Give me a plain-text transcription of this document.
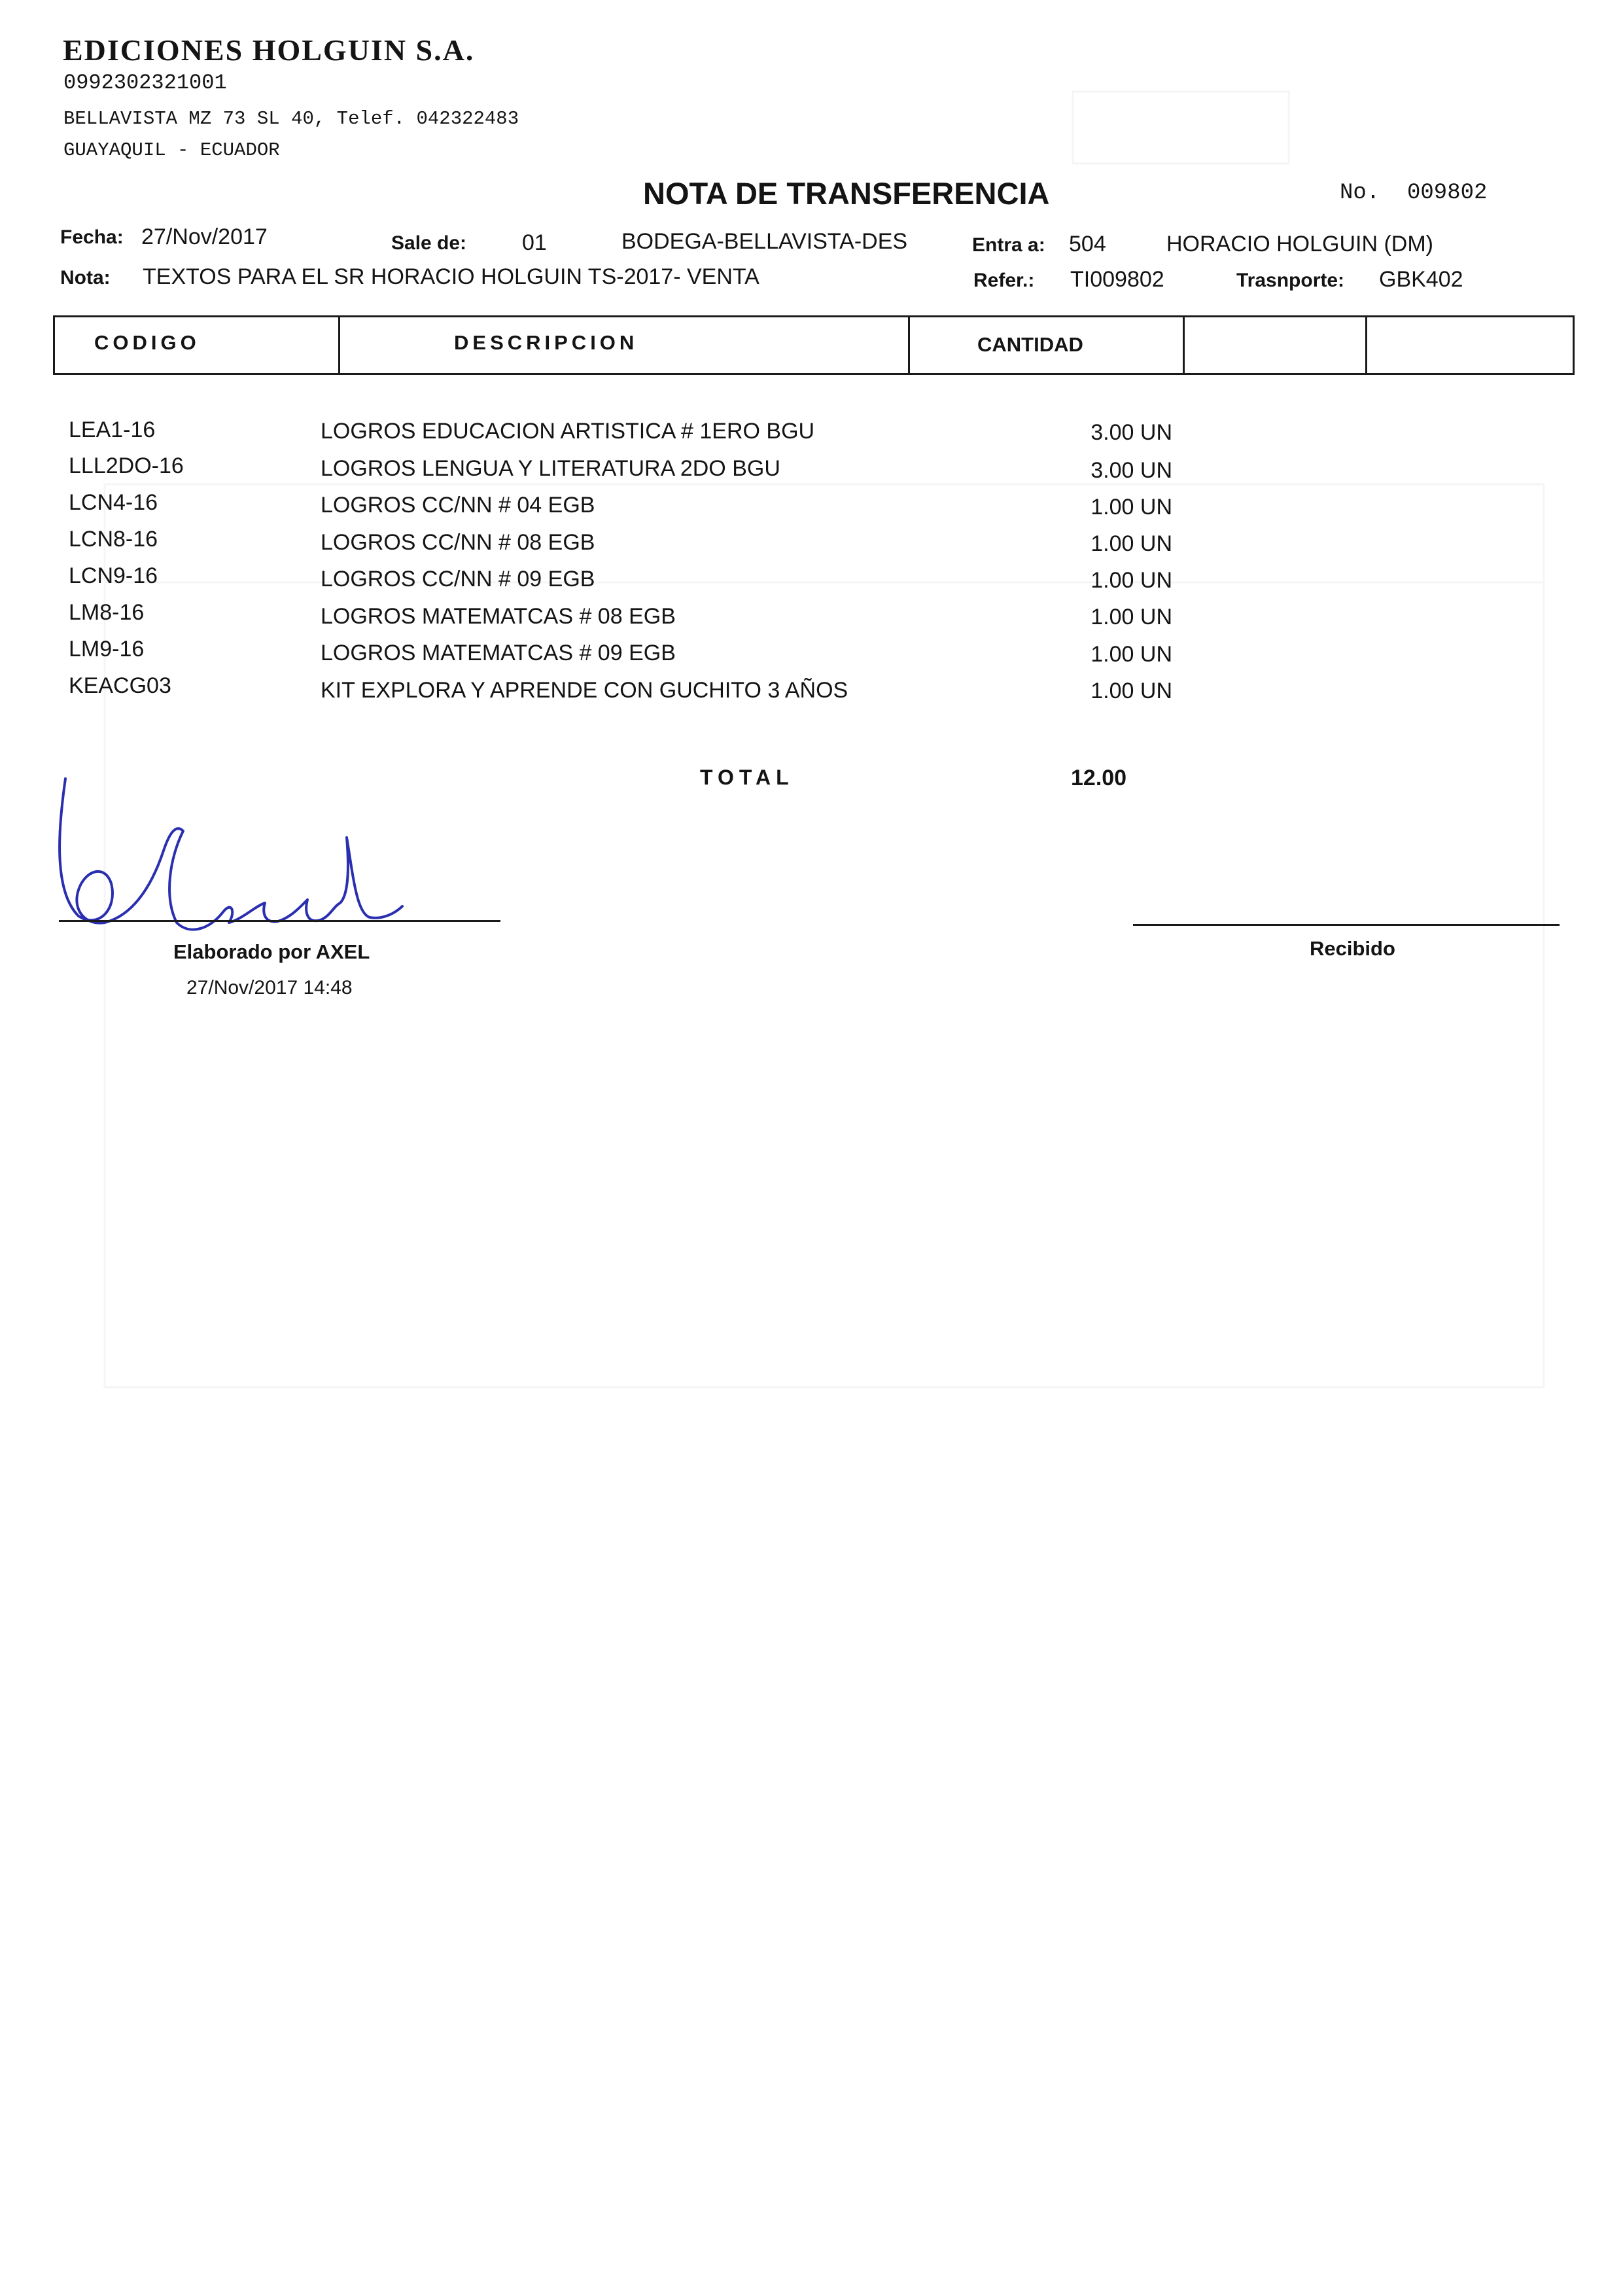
EDICIONES HOLGUIN S.A.
0992302321001
BELLAVISTA MZ 73 SL 40, Telef. 042322483
GUAYAQUIL - ECUADOR
NOTA DE TRANSFERENCIA	No. 009802
Fecha: 27/Nov/2017	Sale de: 01	BODEGA-BELLAVISTA-DES	Entra a: 504	HORACIO HOLGUIN (DM)
Nota: TEXTOS PARA EL SR HORACIO HOLGUIN TS-2017- VENTA	Refer.: TI009802	Trasnporte: GBK402
CODIGO	DESCRIPCION	CANTIDAD
LEA1-16	LOGROS EDUCACION ARTISTICA # 1ERO BGU	3.00 UN
LLL2DO-16	LOGROS LENGUA Y LITERATURA 2DO BGU	3.00 UN
LCN4-16	LOGROS CC/NN # 04 EGB	1.00 UN
LCN8-16	LOGROS CC/NN # 08 EGB	1.00 UN
LCN9-16	LOGROS CC/NN # 09 EGB	1.00 UN
LM8-16	LOGROS MATEMATCAS # 08 EGB	1.00 UN
LM9-16	LOGROS MATEMATCAS # 09 EGB	1.00 UN
KEACG03	KIT EXPLORA Y APRENDE CON GUCHITO 3 AÑOS	1.00 UN
TOTAL	12.00
Elaborado por AXEL
27/Nov/2017 14:48
Recibido
